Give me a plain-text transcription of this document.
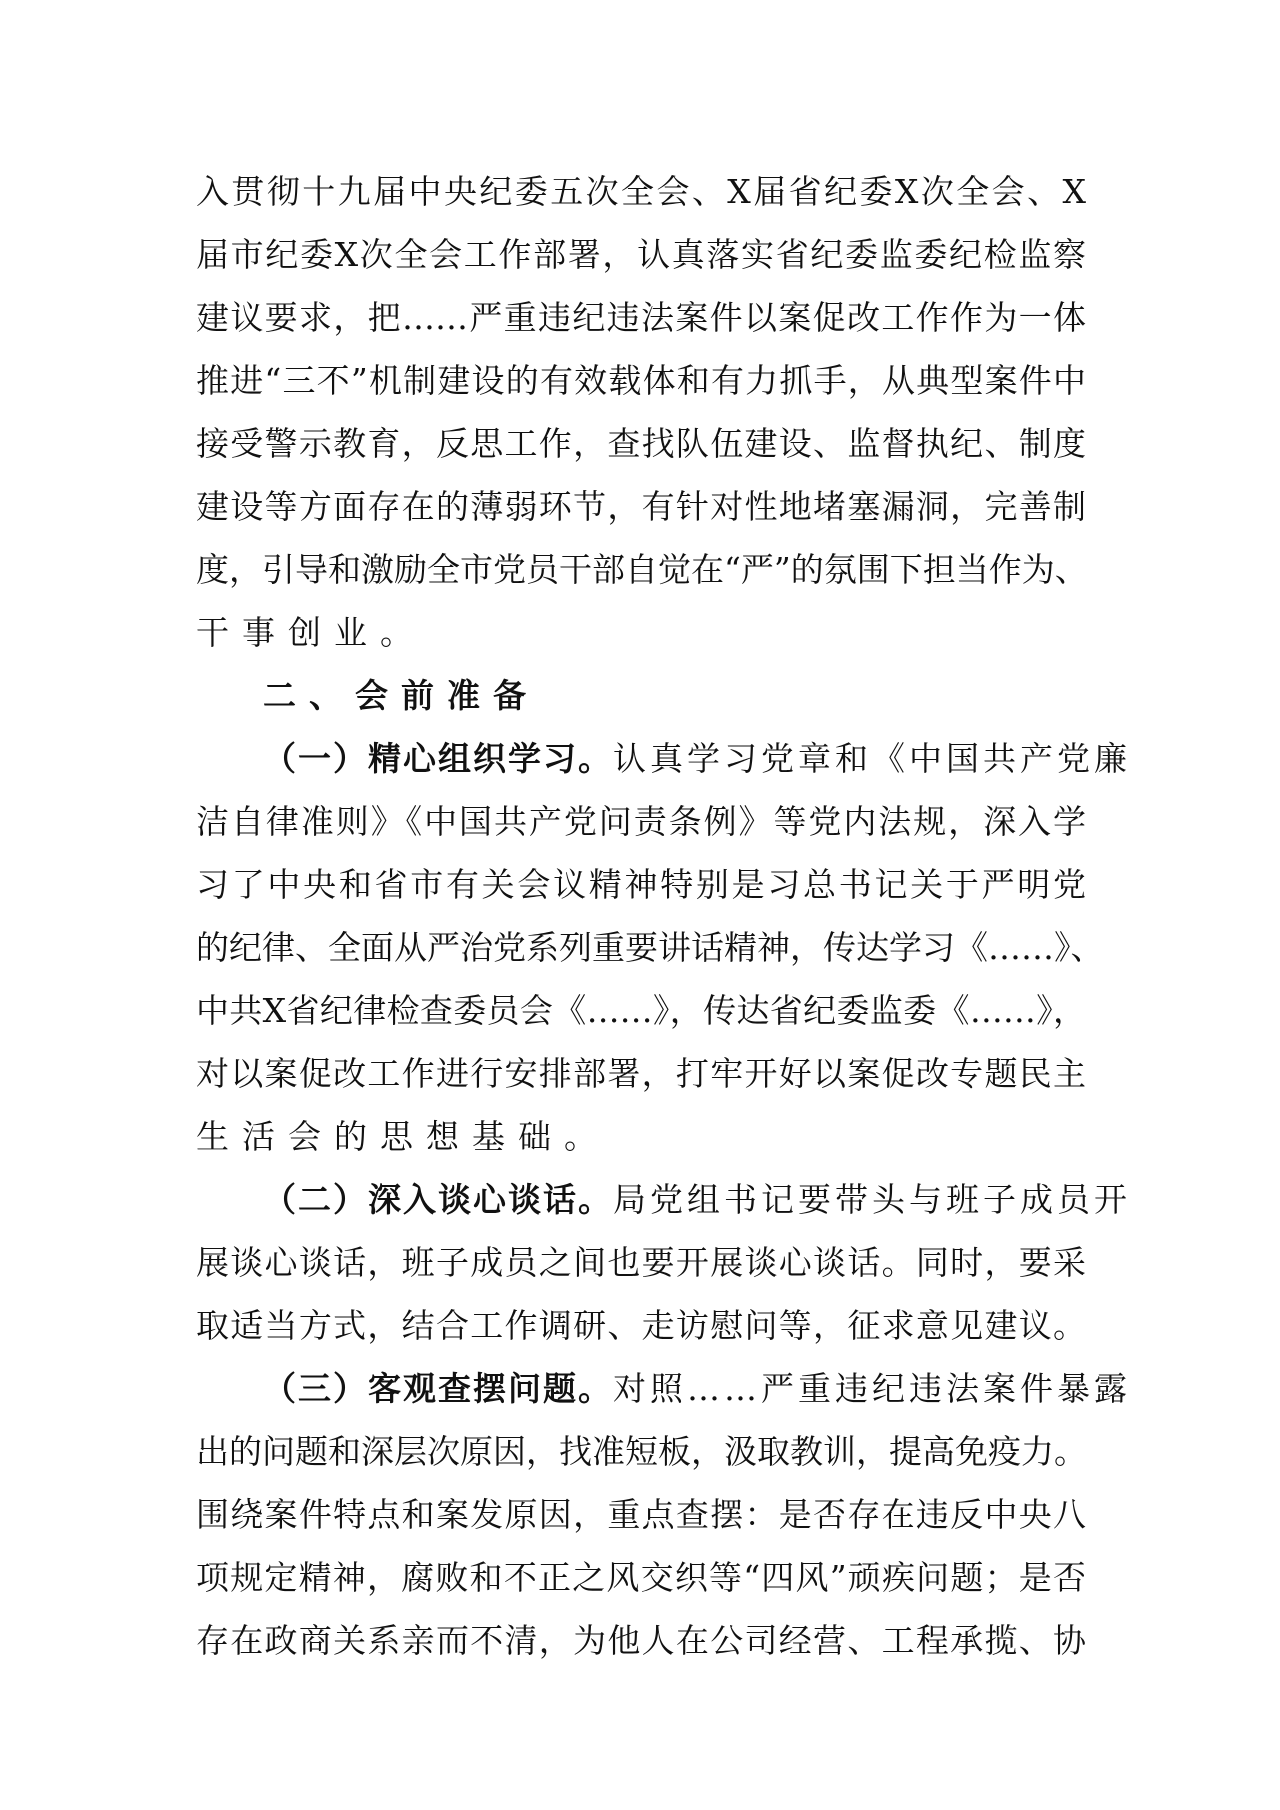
入贯彻十九届中央纪委五次全会、X届省纪委X次全会、X
届市纪委X次全会工作部署，认真落实省纪委监委纪检监察
建议要求，把……严重违纪违法案件以案促改工作作为一体
推进“三不”机制建设的有效载体和有力抓手，从典型案件中
接受警示教育，反思工作，查找队伍建设、监督执纪、制度
建设等方面存在的薄弱环节，有针对性地堵塞漏洞，完善制
度，引导和激励全市党员干部自觉在“严”的氛围下担当作为、
干事创业。
二、会前准备
（一）精心组织学习。 认真学习党章和《中国共产党廉
洁自律准则》《中国共产党问责条例》等党内法规，深入学
习了中央和省市有关会议精神特别是习总书记关于严明党
的纪律、全面从严治党系列重要讲话精神，传达学习《……》、
中共X省纪律检查委员会《……》，传达省纪委监委《……》，
对以案促改工作进行安排部署，打牢开好以案促改专题民主
生活会的思想基础。
（二）深入谈心谈话。 局党组书记要带头与班子成员开
展谈心谈话，班子成员之间也要开展谈心谈话。同时，要采
取适当方式，结合工作调研、走访慰问等，征求意见建议。
（三）客观查摆问题。 对照……严重违纪违法案件暴露
出的问题和深层次原因，找准短板，汲取教训，提高免疫力。
围绕案件特点和案发原因，重点查摆：是否存在违反中央八
项规定精神，腐败和不正之风交织等“四风”顽疾问题；是否
存在政商关系亲而不清，为他人在公司经营、工程承揽、协
